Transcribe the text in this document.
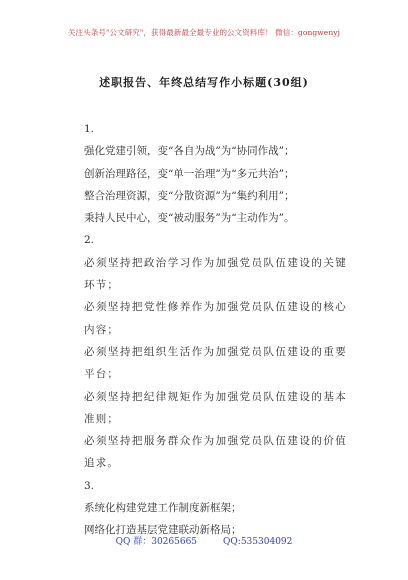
关注头条号"公文研究"，获得最新最全最专业的公文资料库！ 微信：gongwenyj
述职报告、年终总结写作小标题(30组)
1.
强化党建引领，变“各自为战”为“协同作战”；
创新治理路径，变“单一治理”为“多元共治”；
整合治理资源，变“分散资源”为“集约利用”；
秉持人民中心，变“被动服务”为“主动作为”。
2.
必须坚持把政治学习作为加强党员队伍建设的关键环节；
必须坚持把党性修养作为加强党员队伍建设的核心内容；
必须坚持把组织生活作为加强党员队伍建设的重要平台；
必须坚持把纪律规矩作为加强党员队伍建设的基本准则；
必须坚持把服务群众作为加强党员队伍建设的价值追求。
3.
系统化构建党建工作制度新框架；
网络化打造基层党建联动新格局；
QQ 群：30265665	QQ:535304092
